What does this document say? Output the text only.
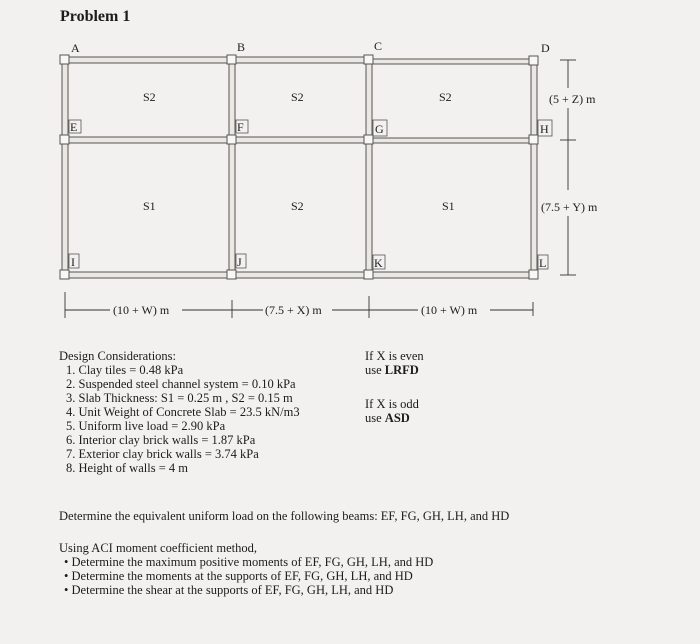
Problem 1
A	B	C	D
E	F	G	H
I	J	K	L
S2	S2	S2
S1	S2	S1
(10 + W) m	(7.5 + X) m	(10 + W) m
(5 + Z) m
(7.5 + Y) m
Design Considerations:
1. Clay tiles = 0.48 kPa
2. Suspended steel channel system = 0.10 kPa
3. Slab Thickness: S1 = 0.25 m , S2 = 0.15 m
4. Unit Weight of Concrete Slab = 23.5 kN/m3
5. Uniform live load = 2.90 kPa
6. Interior clay brick walls = 1.87 kPa
7. Exterior clay brick walls = 3.74 kPa
8. Height of walls = 4 m
If X is even
use LRFD
If X is odd
use ASD
Determine the equivalent uniform load on the following beams: EF, FG, GH, LH, and HD
Using ACI moment coefficient method,
• Determine the maximum positive moments of EF, FG, GH, LH, and HD
• Determine the moments at the supports of EF, FG, GH, LH, and HD
• Determine the shear at the supports of EF, FG, GH, LH, and HD
